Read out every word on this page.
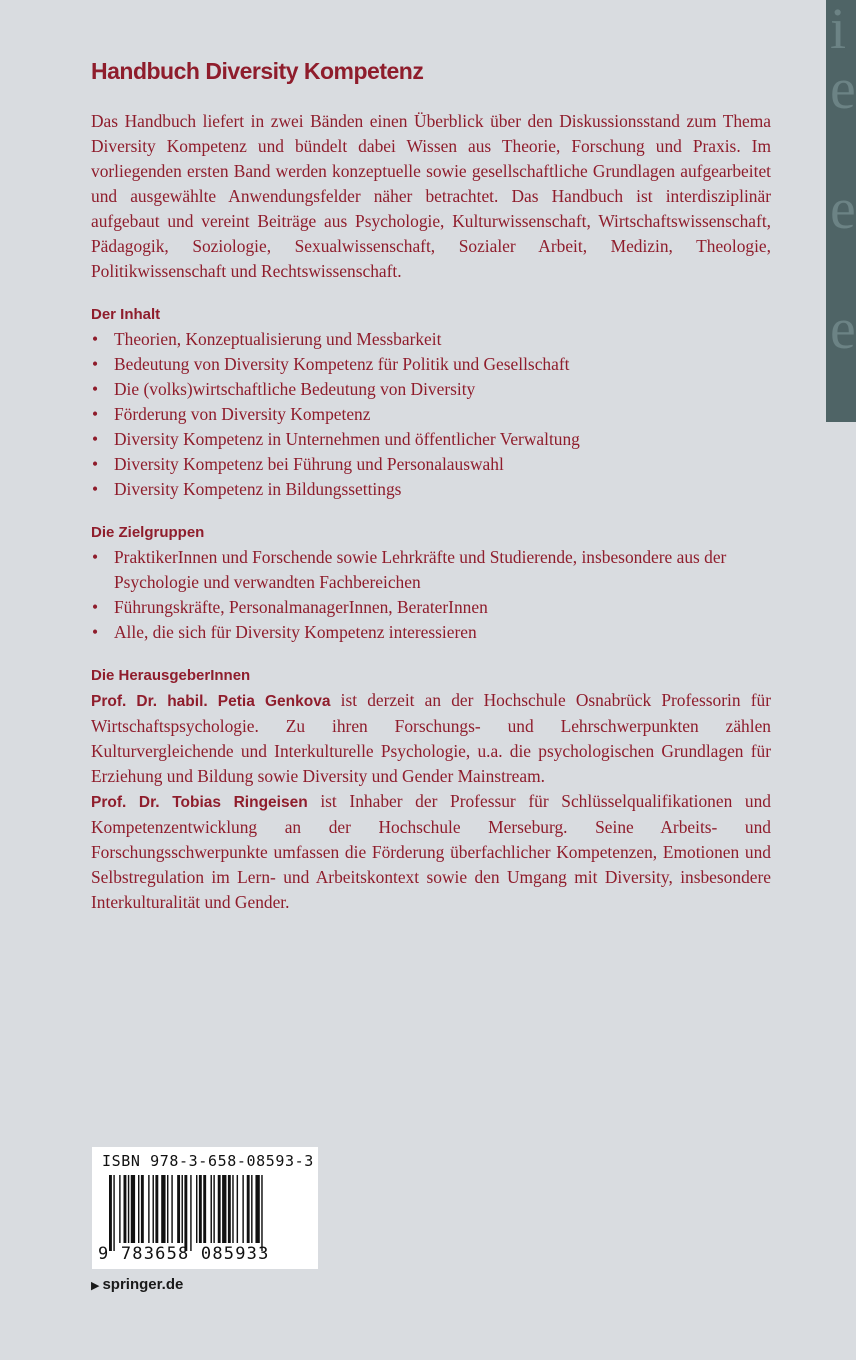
i
e
e
e
Handbuch Diversity Kompetenz

Das Handbuch liefert in zwei Bänden einen Überblick über den Diskussionsstand zum Thema Diversity Kompetenz und bündelt dabei Wissen aus Theorie, Forschung und Praxis. Im vorliegenden ersten Band werden konzeptuelle sowie gesellschaftliche Grundlagen aufgearbeitet und ausgewählte Anwendungsfelder näher betrachtet. Das Handbuch ist interdisziplinär aufgebaut und vereint Beiträge aus Psychologie, Kulturwissenschaft, Wirtschaftswissenschaft, Pädagogik, Soziologie, Sexualwissenschaft, Sozialer Arbeit, Medizin, Theologie, Politikwissenschaft und Rechtswissenschaft.

Der Inhalt
• Theorien, Konzeptualisierung und Messbarkeit
• Bedeutung von Diversity Kompetenz für Politik und Gesellschaft
• Die (volks)wirtschaftliche Bedeutung von Diversity
• Förderung von Diversity Kompetenz
• Diversity Kompetenz in Unternehmen und öffentlicher Verwaltung
• Diversity Kompetenz bei Führung und Personalauswahl
• Diversity Kompetenz in Bildungssettings
Die Zielgruppen
• PraktikerInnen und Forschende sowie Lehrkräfte und Studierende, insbesondere aus der Psychologie und verwandten Fachbereichen
• Führungskräfte, PersonalmanagerInnen, BeraterInnen
• Alle, die sich für Diversity Kompetenz interessieren
Die HerausgeberInnen

Prof. Dr. habil. Petia Genkova ist derzeit an der Hochschule Osnabrück Professorin für Wirtschaftspsychologie. Zu ihren Forschungs- und Lehrschwerpunkten zählen Kulturvergleichende und Interkulturelle Psychologie, u.a. die psychologischen Grundlagen für Erziehung und Bildung sowie Diversity und Gender Mainstream.

Prof. Dr. Tobias Ringeisen ist Inhaber der Professur für Schlüsselqualifikationen und Kompetenzentwicklung an der Hochschule Merseburg. Seine Arbeits- und Forschungsschwerpunkte umfassen die Förderung überfachlicher Kompetenzen, Emotionen und Selbstregulation im Lern- und Arbeitskontext sowie den Umgang mit Diversity, insbesondere Interkulturalität und Gender.

ISBN 978-3-658-08593-3
9 783658 085933
▶ springer.de
